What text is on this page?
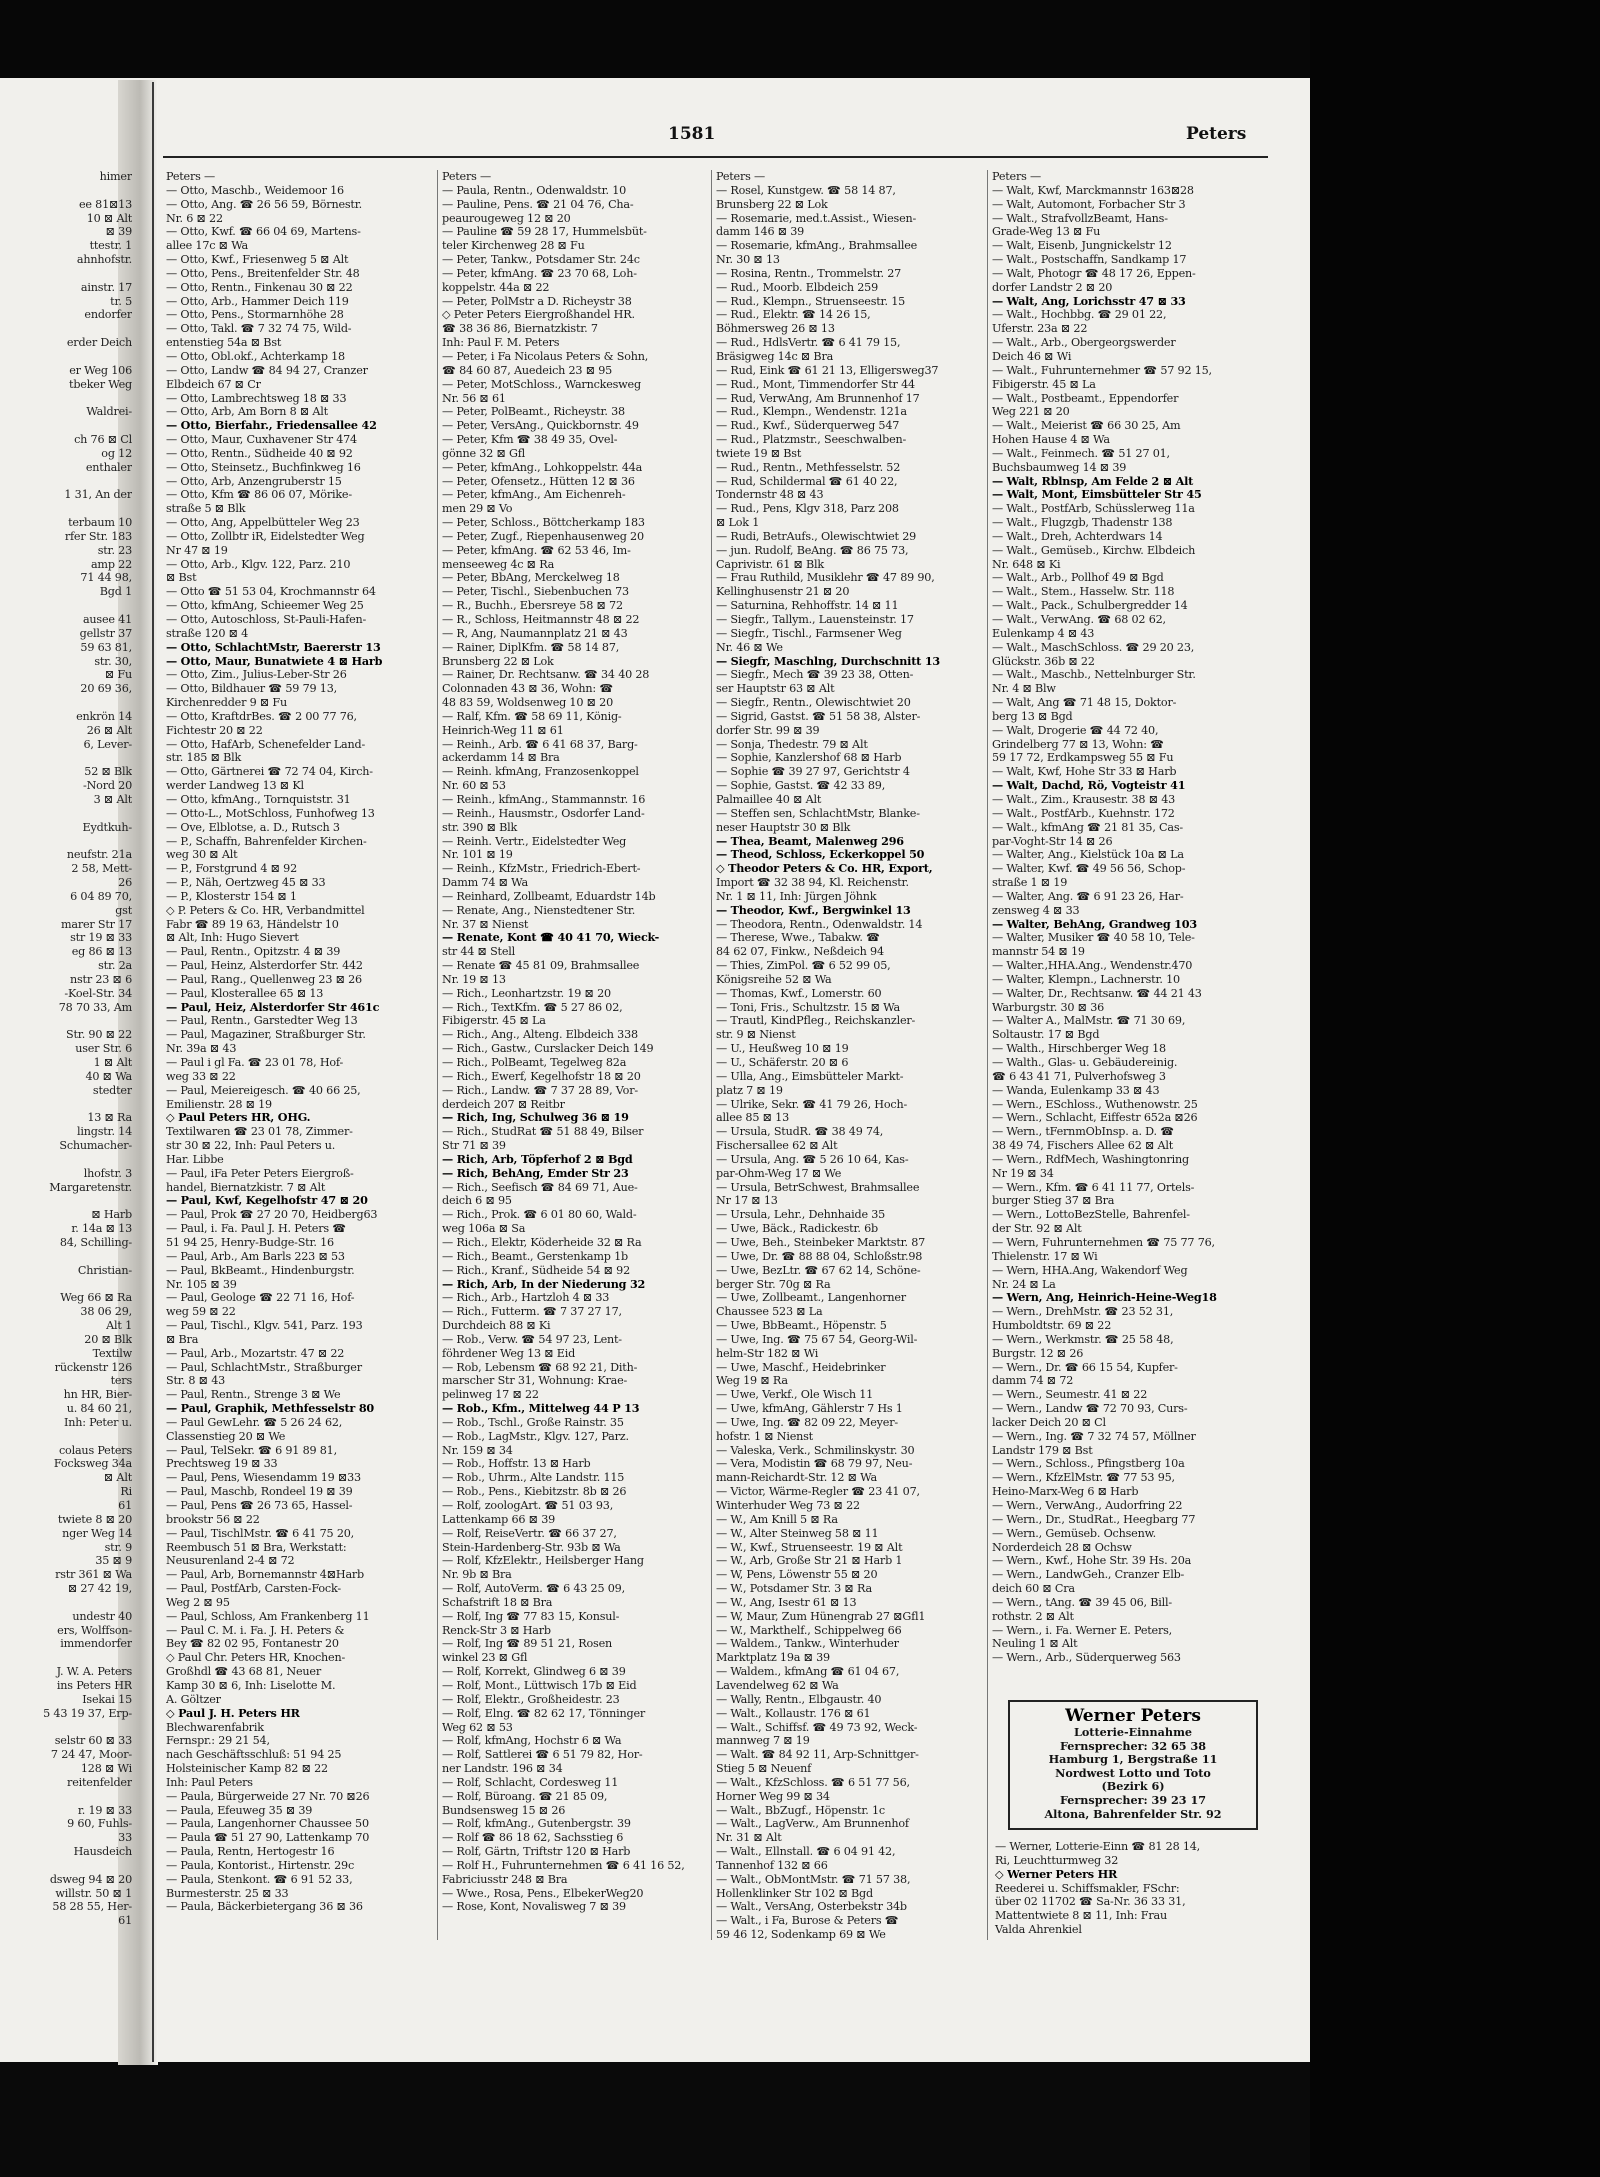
himer

ee 81⊠13
10 ⊠ Alt
⊠ 39
ttestr. 1
ahnhofstr.

ainstr. 17
tr. 5
endorfer

erder Deich

er Weg 106
tbeker Weg

Waldrei-

ch 76 ⊠ Cl
og 12
enthaler

1 31, An der

terbaum 10
rfer Str. 183
str. 23
amp 22
71 44 98,
Bgd 1

ausee 41
gellstr 37
59 63 81,
str. 30,
⊠ Fu
20 69 36,

enkrön 14
26 ⊠ Alt
6, Lever-

52 ⊠ Blk
-Nord 20
3 ⊠ Alt

Eydtkuh-

neufstr. 21a
2 58, Mett-
26
6 04 89 70,
gst
marer Str 17
str 19 ⊠ 33
eg 86 ⊠ 13
str. 2a
nstr 23 ⊠ 6
-Koel-Str. 34
78 70 33, Am

Str. 90 ⊠ 22
user Str. 6
1 ⊠ Alt
40 ⊠ Wa
stedter

13 ⊠ Ra
lingstr. 14
Schumacher-

lhofstr. 3
Margaretenstr.

⊠ Harb
r. 14a ⊠ 13
84, Schilling-

Christian-

Weg 66 ⊠ Ra
38 06 29,
Alt 1
20 ⊠ Blk
Textilw
rückenstr 126
ters
hn HR, Bier-
u. 84 60 21,
Inh: Peter u.

colaus Peters
Focksweg 34a
⊠ Alt
Ri
61
twiete 8 ⊠ 20
nger Weg 14
str. 9
35 ⊠ 9
rstr 361 ⊠ Wa
⊠ 27 42 19,

undestr 40
ers, Wolffson-
immendorfer

J. W. A. Peters
ins Peters HR
Isekai 15
5 43 19 37, Erp-

selstr 60 ⊠ 33
7 24 47, Moor-
128 ⊠ Wi
reitenfelder

r. 19 ⊠ 33
9 60, Fuhls-
33
Hausdeich

dsweg 94 ⊠ 20
willstr. 50 ⊠ 1
58 28 55, Her-
61
1581	Peters
Peters —
— Otto, Maschb., Weidemoor 16
— Otto, Ang. ☎ 26 56 59, Börnestr.
Nr. 6 ⊠ 22
— Otto, Kwf. ☎ 66 04 69, Martens-
allee 17c ⊠ Wa
— Otto, Kwf., Friesenweg 5 ⊠ Alt
— Otto, Pens., Breitenfelder Str. 48
— Otto, Rentn., Finkenau 30 ⊠ 22
— Otto, Arb., Hammer Deich 119
— Otto, Pens., Stormarnhöhe 28
— Otto, Takl. ☎ 7 32 74 75, Wild-
entenstieg 54a ⊠ Bst
— Otto, Obl.okf., Achterkamp 18
— Otto, Landw ☎ 84 94 27, Cranzer
Elbdeich 67 ⊠ Cr
— Otto, Lambrechtsweg 18 ⊠ 33
— Otto, Arb, Am Born 8 ⊠ Alt
— Otto, Bierfahr., Friedensallee 42
— Otto, Maur, Cuxhavener Str 474
— Otto, Rentn., Südheide 40 ⊠ 92
— Otto, Steinsetz., Buchfinkweg 16
— Otto, Arb, Anzengruberstr 15
— Otto, Kfm ☎ 86 06 07, Mörike-
straße 5 ⊠ Blk
— Otto, Ang, Appelbütteler Weg 23
— Otto, Zollbtr iR, Eidelstedter Weg
Nr 47 ⊠ 19
— Otto, Arb., Klgv. 122, Parz. 210
⊠ Bst
— Otto ☎ 51 53 04, Krochmannstr 64
— Otto, kfmAng, Schieemer Weg 25
— Otto, Autoschloss, St-Pauli-Hafen-
straße 120 ⊠ 4
— Otto, SchlachtMstr, Baererstr 13
— Otto, Maur, Bunatwiete 4 ⊠ Harb
— Otto, Zim., Julius-Leber-Str 26
— Otto, Bildhauer ☎ 59 79 13,
Kirchenredder 9 ⊠ Fu
— Otto, KraftdrBes. ☎ 2 00 77 76,
Fichtestr 20 ⊠ 22
— Otto, HafArb, Schenefelder Land-
str. 185 ⊠ Blk
— Otto, Gärtnerei ☎ 72 74 04, Kirch-
werder Landweg 13 ⊠ Kl
— Otto, kfmAng., Tornquiststr. 31
— Otto-L., MotSchloss, Funhofweg 13
— Ove, Elblotse, a. D., Rutsch 3
— P., Schaffn, Bahrenfelder Kirchen-
weg 30 ⊠ Alt
— P., Forstgrund 4 ⊠ 92
— P., Näh, Oertzweg 45 ⊠ 33
— P., Klosterstr 154 ⊠ 1
◇ P. Peters & Co. HR, Verbandmittel
Fabr ☎ 89 19 63, Händelstr 10
⊠ Alt, Inh: Hugo Sievert
— Paul, Rentn., Opitzstr. 4 ⊠ 39
— Paul, Heinz, Alsterdorfer Str. 442
— Paul, Rang., Quellenweg 23 ⊠ 26
— Paul, Klosterallee 65 ⊠ 13
— Paul, Heiz, Alsterdorfer Str 461c
— Paul, Rentn., Garstedter Weg 13
— Paul, Magaziner, Straßburger Str.
Nr. 39a ⊠ 43
— Paul i gl Fa. ☎ 23 01 78, Hof-
weg 33 ⊠ 22
— Paul, Meiereigesch. ☎ 40 66 25,
Emilienstr. 28 ⊠ 19
◇ Paul Peters HR, OHG.
Textilwaren ☎ 23 01 78, Zimmer-
str 30 ⊠ 22, Inh: Paul Peters u.
Har. Libbe
— Paul, iFa Peter Peters Eiergroß-
handel, Biernatzkistr. 7 ⊠ Alt
— Paul, Kwf, Kegelhofstr 47 ⊠ 20
— Paul, Prok ☎ 27 20 70, Heidberg63
— Paul, i. Fa. Paul J. H. Peters ☎
51 94 25, Henry-Budge-Str. 16
— Paul, Arb., Am Barls 223 ⊠ 53
— Paul, BkBeamt., Hindenburgstr.
Nr. 105 ⊠ 39
— Paul, Geologe ☎ 22 71 16, Hof-
weg 59 ⊠ 22
— Paul, Tischl., Klgv. 541, Parz. 193
⊠ Bra
— Paul, Arb., Mozartstr. 47 ⊠ 22
— Paul, SchlachtMstr., Straßburger
Str. 8 ⊠ 43
— Paul, Rentn., Strenge 3 ⊠ We
— Paul, Graphik, Methfesselstr 80
— Paul GewLehr. ☎ 5 26 24 62,
Classenstieg 20 ⊠ We
— Paul, TelSekr. ☎ 6 91 89 81,
Prechtsweg 19 ⊠ 33
— Paul, Pens, Wiesendamm 19 ⊠33
— Paul, Maschb, Rondeel 19 ⊠ 39
— Paul, Pens ☎ 26 73 65, Hassel-
brookstr 56 ⊠ 22
— Paul, TischlMstr. ☎ 6 41 75 20,
Reembusch 51 ⊠ Bra, Werkstatt:
Neusurenland 2-4 ⊠ 72
— Paul, Arb, Bornemannstr 4⊠Harb
— Paul, PostfArb, Carsten-Fock-
Weg 2 ⊠ 95
— Paul, Schloss, Am Frankenberg 11
— Paul C. M. i. Fa. J. H. Peters &
Bey ☎ 82 02 95, Fontanestr 20
◇ Paul Chr. Peters HR, Knochen-
Großhdl ☎ 43 68 81, Neuer
Kamp 30 ⊠ 6, Inh: Liselotte M.
A. Göltzer
◇ Paul J. H. Peters HR
Blechwarenfabrik
Fernspr.: 29 21 54,
nach Geschäftsschluß: 51 94 25
Holsteinischer Kamp 82 ⊠ 22
Inh: Paul Peters
— Paula, Bürgerweide 27 Nr. 70 ⊠26
— Paula, Efeuweg 35 ⊠ 39
— Paula, Langenhorner Chaussee 50
— Paula ☎ 51 27 90, Lattenkamp 70
— Paula, Rentn, Hertogestr 16
— Paula, Kontorist., Hirtenstr. 29c
— Paula, Stenkont. ☎ 6 91 52 33,
Burmesterstr. 25 ⊠ 33
— Paula, Bäckerbietergang 36 ⊠ 36
Peters —
— Paula, Rentn., Odenwaldstr. 10
— Pauline, Pens. ☎ 21 04 76, Cha-
peaurougeweg 12 ⊠ 20
— Pauline ☎ 59 28 17, Hummelsbüt-
teler Kirchenweg 28 ⊠ Fu
— Peter, Tankw., Potsdamer Str. 24c
— Peter, kfmAng. ☎ 23 70 68, Loh-
koppelstr. 44a ⊠ 22
— Peter, PolMstr a D. Richeystr 38
◇ Peter Peters Eiergroßhandel HR.
☎ 38 36 86, Biernatzkistr. 7
Inh: Paul F. M. Peters
— Peter, i Fa Nicolaus Peters & Sohn,
☎ 84 60 87, Auedeich 23 ⊠ 95
— Peter, MotSchloss., Warnckesweg
Nr. 56 ⊠ 61
— Peter, PolBeamt., Richeystr. 38
— Peter, VersAng., Quickbornstr. 49
— Peter, Kfm ☎ 38 49 35, Ovel-
gönne 32 ⊠ Gfl
— Peter, kfmAng., Lohkoppelstr. 44a
— Peter, Ofensetz., Hütten 12 ⊠ 36
— Peter, kfmAng., Am Eichenreh-
men 29 ⊠ Vo
— Peter, Schloss., Böttcherkamp 183
— Peter, Zugf., Riepenhausenweg 20
— Peter, kfmAng. ☎ 62 53 46, Im-
menseeweg 4c ⊠ Ra
— Peter, BbAng, Merckelweg 18
— Peter, Tischl., Siebenbuchen 73
— R., Buchh., Ebersreye 58 ⊠ 72
— R., Schloss, Heitmannstr 48 ⊠ 22
— R, Ang, Naumannplatz 21 ⊠ 43
— Rainer, DiplKfm. ☎ 58 14 87,
Brunsberg 22 ⊠ Lok
— Rainer, Dr. Rechtsanw. ☎ 34 40 28
Colonnaden 43 ⊠ 36, Wohn: ☎
48 83 59, Woldsenweg 10 ⊠ 20
— Ralf, Kfm. ☎ 58 69 11, König-
Heinrich-Weg 11 ⊠ 61
— Reinh., Arb. ☎ 6 41 68 37, Barg-
ackerdamm 14 ⊠ Bra
— Reinh. kfmAng, Franzosenkoppel
Nr. 60 ⊠ 53
— Reinh., kfmAng., Stammannstr. 16
— Reinh., Hausmstr., Osdorfer Land-
str. 390 ⊠ Blk
— Reinh. Vertr., Eidelstedter Weg
Nr. 101 ⊠ 19
— Reinh., KfzMstr., Friedrich-Ebert-
Damm 74 ⊠ Wa
— Reinhard, Zollbeamt, Eduardstr 14b
— Renate, Ang., Nienstedtener Str.
Nr. 37 ⊠ Nienst
— Renate, Kont ☎ 40 41 70, Wieck-
str 44 ⊠ Stell
— Renate ☎ 45 81 09, Brahmsallee
Nr. 19 ⊠ 13
— Rich., Leonhartzstr. 19 ⊠ 20
— Rich., TextKfm. ☎ 5 27 86 02,
Fibigerstr. 45 ⊠ La
— Rich., Ang., Alteng. Elbdeich 338
— Rich., Gastw., Curslacker Deich 149
— Rich., PolBeamt, Tegelweg 82a
— Rich., Ewerf, Kegelhofstr 18 ⊠ 20
— Rich., Landw. ☎ 7 37 28 89, Vor-
derdeich 207 ⊠ Reitbr
— Rich, Ing, Schulweg 36 ⊠ 19
— Rich., StudRat ☎ 51 88 49, Bilser
Str 71 ⊠ 39
— Rich, Arb, Töpferhof 2 ⊠ Bgd
— Rich, BehAng, Emder Str 23
— Rich., Seefisch ☎ 84 69 71, Aue-
deich 6 ⊠ 95
— Rich., Prok. ☎ 6 01 80 60, Wald-
weg 106a ⊠ Sa
— Rich., Elektr, Köderheide 32 ⊠ Ra
— Rich., Beamt., Gerstenkamp 1b
— Rich., Kranf., Südheide 54 ⊠ 92
— Rich, Arb, In der Niederung 32
— Rich., Arb., Hartzloh 4 ⊠ 33
— Rich., Futterm. ☎ 7 37 27 17,
Durchdeich 88 ⊠ Ki
— Rob., Verw. ☎ 54 97 23, Lent-
föhrdener Weg 13 ⊠ Eid
— Rob, Lebensm ☎ 68 92 21, Dith-
marscher Str 31, Wohnung: Krae-
pelinweg 17 ⊠ 22
— Rob., Kfm., Mittelweg 44 P 13
— Rob., Tschl., Große Rainstr. 35
— Rob., LagMstr., Klgv. 127, Parz.
Nr. 159 ⊠ 34
— Rob., Hoffstr. 13 ⊠ Harb
— Rob., Uhrm., Alte Landstr. 115
— Rob., Pens., Kiebitzstr. 8b ⊠ 26
— Rolf, zoologArt. ☎ 51 03 93,
Lattenkamp 66 ⊠ 39
— Rolf, ReiseVertr. ☎ 66 37 27,
Stein-Hardenberg-Str. 93b ⊠ Wa
— Rolf, KfzElektr., Heilsberger Hang
Nr. 9b ⊠ Bra
— Rolf, AutoVerm. ☎ 6 43 25 09,
Schafstrift 18 ⊠ Bra
— Rolf, Ing ☎ 77 83 15, Konsul-
Renck-Str 3 ⊠ Harb
— Rolf, Ing ☎ 89 51 21, Rosen
winkel 23 ⊠ Gfl
— Rolf, Korrekt, Glindweg 6 ⊠ 39
— Rolf, Mont., Lüttwisch 17b ⊠ Eid
— Rolf, Elektr., Großheidestr. 23
— Rolf, Elng. ☎ 82 62 17, Tönninger
Weg 62 ⊠ 53
— Rolf, kfmAng, Hochstr 6 ⊠ Wa
— Rolf, Sattlerei ☎ 6 51 79 82, Hor-
ner Landstr. 196 ⊠ 34
— Rolf, Schlacht, Cordesweg 11
— Rolf, Büroang. ☎ 21 85 09,
Bundsensweg 15 ⊠ 26
— Rolf, kfmAng., Gutenbergstr. 39
— Rolf ☎ 86 18 62, Sachsstieg 6
— Rolf, Gärtn, Triftstr 120 ⊠ Harb
— Rolf H., Fuhrunternehmen ☎ 6 41 16 52,
Fabriciusstr 248 ⊠ Bra
— Wwe., Rosa, Pens., ElbekerWeg20
— Rose, Kont, Novalisweg 7 ⊠ 39
Peters —
— Rosel, Kunstgew. ☎ 58 14 87,
Brunsberg 22 ⊠ Lok
— Rosemarie, med.t.Assist., Wiesen-
damm 146 ⊠ 39
— Rosemarie, kfmAng., Brahmsallee
Nr. 30 ⊠ 13
— Rosina, Rentn., Trommelstr. 27
— Rud., Moorb. Elbdeich 259
— Rud., Klempn., Struenseestr. 15
— Rud., Elektr. ☎ 14 26 15,
Böhmersweg 26 ⊠ 13
— Rud., HdlsVertr. ☎ 6 41 79 15,
Bräsigweg 14c ⊠ Bra
— Rud, Eink ☎ 61 21 13, Elligersweg37
— Rud., Mont, Timmendorfer Str 44
— Rud, VerwAng, Am Brunnenhof 17
— Rud., Klempn., Wendenstr. 121a
— Rud., Kwf., Süderquerweg 547
— Rud., Platzmstr., Seeschwalben-
twiete 19 ⊠ Bst
— Rud., Rentn., Methfesselstr. 52
— Rud, Schildermal ☎ 61 40 22,
Tondernstr 48 ⊠ 43
— Rud., Pens, Klgv 318, Parz 208
⊠ Lok 1
— Rudi, BetrAufs., Olewischtwiet 29
— jun. Rudolf, BeAng. ☎ 86 75 73,
Caprivistr. 61 ⊠ Blk
— Frau Ruthild, Musiklehr ☎ 47 89 90,
Kellinghusenstr 21 ⊠ 20
— Saturnina, Rehhoffstr. 14 ⊠ 11
— Siegfr., Tallym., Lauensteinstr. 17
— Siegfr., Tischl., Farmsener Weg
Nr. 46 ⊠ We
— Siegfr, Maschlng, Durchschnitt 13
— Siegfr., Mech ☎ 39 23 38, Otten-
ser Hauptstr 63 ⊠ Alt
— Siegfr., Rentn., Olewischtwiet 20
— Sigrid, Gastst. ☎ 51 58 38, Alster-
dorfer Str. 99 ⊠ 39
— Sonja, Thedestr. 79 ⊠ Alt
— Sophie, Kanzlershof 68 ⊠ Harb
— Sophie ☎ 39 27 97, Gerichtstr 4
— Sophie, Gastst. ☎ 42 33 89,
Palmaillee 40 ⊠ Alt
— Steffen sen, SchlachtMstr, Blanke-
neser Hauptstr 30 ⊠ Blk
— Thea, Beamt, Malenweg 296
— Theod, Schloss, Eckerkoppel 50
◇ Theodor Peters & Co. HR, Export,
Import ☎ 32 38 94, Kl. Reichenstr.
Nr. 1 ⊠ 11, Inh: Jürgen Jöhnk
— Theodor, Kwf., Bergwinkel 13
— Theodora, Rentn., Odenwaldstr. 14
— Therese, Wwe., Tabakw. ☎
84 62 07, Finkw., Neßdeich 94
— Thies, ZimPol. ☎ 6 52 99 05,
Königsreihe 52 ⊠ Wa
— Thomas, Kwf., Lomerstr. 60
— Toni, Fris., Schultzstr. 15 ⊠ Wa
— Trautl, KindPfleg., Reichskanzler-
str. 9 ⊠ Nienst
— U., Heußweg 10 ⊠ 19
— U., Schäferstr. 20 ⊠ 6
— Ulla, Ang., Eimsbütteler Markt-
platz 7 ⊠ 19
— Ulrike, Sekr. ☎ 41 79 26, Hoch-
allee 85 ⊠ 13
— Ursula, StudR. ☎ 38 49 74,
Fischersallee 62 ⊠ Alt
— Ursula, Ang. ☎ 5 26 10 64, Kas-
par-Ohm-Weg 17 ⊠ We
— Ursula, BetrSchwest, Brahmsallee
Nr 17 ⊠ 13
— Ursula, Lehr., Dehnhaide 35
— Uwe, Bäck., Radickestr. 6b
— Uwe, Beh., Steinbeker Marktstr. 87
— Uwe, Dr. ☎ 88 88 04, Schloßstr.98
— Uwe, BezLtr. ☎ 67 62 14, Schöne-
berger Str. 70g ⊠ Ra
— Uwe, Zollbeamt., Langenhorner
Chaussee 523 ⊠ La
— Uwe, BbBeamt., Höpenstr. 5
— Uwe, Ing. ☎ 75 67 54, Georg-Wil-
helm-Str 182 ⊠ Wi
— Uwe, Maschf., Heidebrinker
Weg 19 ⊠ Ra
— Uwe, Verkf., Ole Wisch 11
— Uwe, kfmAng, Gählerstr 7 Hs 1
— Uwe, Ing. ☎ 82 09 22, Meyer-
hofstr. 1 ⊠ Nienst
— Valeska, Verk., Schmilinskystr. 30
— Vera, Modistin ☎ 68 79 97, Neu-
mann-Reichardt-Str. 12 ⊠ Wa
— Victor, Wärme-Regler ☎ 23 41 07,
Winterhuder Weg 73 ⊠ 22
— W., Am Knill 5 ⊠ Ra
— W., Alter Steinweg 58 ⊠ 11
— W., Kwf., Struenseestr. 19 ⊠ Alt
— W., Arb, Große Str 21 ⊠ Harb 1
— W, Pens, Löwenstr 55 ⊠ 20
— W., Potsdamer Str. 3 ⊠ Ra
— W., Ang, Isestr 61 ⊠ 13
— W, Maur, Zum Hünengrab 27 ⊠Gfl1
— W., Markthelf., Schippelweg 66
— Waldem., Tankw., Winterhuder
Marktplatz 19a ⊠ 39
— Waldem., kfmAng ☎ 61 04 67,
Lavendelweg 62 ⊠ Wa
— Wally, Rentn., Elbgaustr. 40
— Walt., Kollaustr. 176 ⊠ 61
— Walt., Schiffsf. ☎ 49 73 92, Weck-
mannweg 7 ⊠ 19
— Walt. ☎ 84 92 11, Arp-Schnittger-
Stieg 5 ⊠ Neuenf
— Walt., KfzSchloss. ☎ 6 51 77 56,
Horner Weg 99 ⊠ 34
— Walt., BbZugf., Höpenstr. 1c
— Walt., LagVerw., Am Brunnenhof
Nr. 31 ⊠ Alt
— Walt., Ellnstall. ☎ 6 04 91 42,
Tannenhof 132 ⊠ 66
— Walt., ObMontMstr. ☎ 71 57 38,
Hollenklinker Str 102 ⊠ Bgd
— Walt., VersAng, Osterbekstr 34b
— Walt., i Fa, Burose & Peters ☎
59 46 12, Sodenkamp 69 ⊠ We
Peters —
— Walt, Kwf, Marckmannstr 163⊠28
— Walt, Automont, Forbacher Str 3
— Walt., StrafvollzBeamt, Hans-
Grade-Weg 13 ⊠ Fu
— Walt, Eisenb, Jungnickelstr 12
— Walt., Postschaffn, Sandkamp 17
— Walt, Photogr ☎ 48 17 26, Eppen-
dorfer Landstr 2 ⊠ 20
— Walt, Ang, Lorichsstr 47 ⊠ 33
— Walt., Hochbbg. ☎ 29 01 22,
Uferstr. 23a ⊠ 22
— Walt., Arb., Obergeorgswerder
Deich 46 ⊠ Wi
— Walt., Fuhrunternehmer ☎ 57 92 15,
Fibigerstr. 45 ⊠ La
— Walt., Postbeamt., Eppendorfer
Weg 221 ⊠ 20
— Walt., Meierist ☎ 66 30 25, Am
Hohen Hause 4 ⊠ Wa
— Walt., Feinmech. ☎ 51 27 01,
Buchsbaumweg 14 ⊠ 39
— Walt, Rblnsp, Am Felde 2 ⊠ Alt
— Walt, Mont, Eimsbütteler Str 45
— Walt., PostfArb, Schüsslerweg 11a
— Walt., Flugzgb, Thadenstr 138
— Walt., Dreh, Achterdwars 14
— Walt., Gemüseb., Kirchw. Elbdeich
Nr. 648 ⊠ Ki
— Walt., Arb., Pollhof 49 ⊠ Bgd
— Walt., Stem., Hasselw. Str. 118
— Walt., Pack., Schulbergredder 14
— Walt., VerwAng. ☎ 68 02 62,
Eulenkamp 4 ⊠ 43
— Walt., MaschSchloss. ☎ 29 20 23,
Glückstr. 36b ⊠ 22
— Walt., Maschb., Nettelnburger Str.
Nr. 4 ⊠ Blw
— Walt, Ang ☎ 71 48 15, Doktor-
berg 13 ⊠ Bgd
— Walt, Drogerie ☎ 44 72 40,
Grindelberg 77 ⊠ 13, Wohn: ☎
59 17 72, Erdkampsweg 55 ⊠ Fu
— Walt, Kwf, Hohe Str 33 ⊠ Harb
— Walt, Dachd, Rö, Vogteistr 41
— Walt., Zim., Krausestr. 38 ⊠ 43
— Walt., PostfArb., Kuehnstr. 172
— Walt., kfmAng ☎ 21 81 35, Cas-
par-Voght-Str 14 ⊠ 26
— Walter, Ang., Kielstück 10a ⊠ La
— Walter, Kwf. ☎ 49 56 56, Schop-
straße 1 ⊠ 19
— Walter, Ang. ☎ 6 91 23 26, Har-
zensweg 4 ⊠ 33
— Walter, BehAng, Grandweg 103
— Walter, Musiker ☎ 40 58 10, Tele-
mannstr 54 ⊠ 19
— Walter.,HHA.Ang., Wendenstr.470
— Walter, Klempn., Lachnerstr. 10
— Walter, Dr., Rechtsanw. ☎ 44 21 43
Warburgstr. 30 ⊠ 36
— Walter A., MalMstr. ☎ 71 30 69,
Soltaustr. 17 ⊠ Bgd
— Walth., Hirschberger Weg 18
— Walth., Glas- u. Gebäudereinig.
☎ 6 43 41 71, Pulverhofsweg 3
— Wanda, Eulenkamp 33 ⊠ 43
— Wern., ESchloss., Wuthenowstr. 25
— Wern., Schlacht, Eiffestr 652a ⊠26
— Wern., tFernmObInsp. a. D. ☎
38 49 74, Fischers Allee 62 ⊠ Alt
— Wern., RdfMech, Washingtonring
Nr 19 ⊠ 34
— Wern., Kfm. ☎ 6 41 11 77, Ortels-
burger Stieg 37 ⊠ Bra
— Wern., LottoBezStelle, Bahrenfel-
der Str. 92 ⊠ Alt
— Wern, Fuhrunternehmen ☎ 75 77 76,
Thielenstr. 17 ⊠ Wi
— Wern, HHA.Ang, Wakendorf Weg
Nr. 24 ⊠ La
— Wern, Ang, Heinrich-Heine-Weg18
— Wern., DrehMstr. ☎ 23 52 31,
Humboldtstr. 69 ⊠ 22
— Wern., Werkmstr. ☎ 25 58 48,
Burgstr. 12 ⊠ 26
— Wern., Dr. ☎ 66 15 54, Kupfer-
damm 74 ⊠ 72
— Wern., Seumestr. 41 ⊠ 22
— Wern., Landw ☎ 72 70 93, Curs-
lacker Deich 20 ⊠ Cl
— Wern., Ing. ☎ 7 32 74 57, Möllner
Landstr 179 ⊠ Bst
— Wern., Schloss., Pfingstberg 10a
— Wern., KfzElMstr. ☎ 77 53 95,
Heino-Marx-Weg 6 ⊠ Harb
— Wern., VerwAng., Audorfring 22
— Wern., Dr., StudRat., Heegbarg 77
— Wern., Gemüseb. Ochsenw.
Norderdeich 28 ⊠ Ochsw
— Wern., Kwf., Hohe Str. 39 Hs. 20a
— Wern., LandwGeh., Cranzer Elb-
deich 60 ⊠ Cra
— Wern., tAng. ☎ 39 45 06, Bill-
rothstr. 2 ⊠ Alt
— Wern., i. Fa. Werner E. Peters,
Neuling 1 ⊠ Alt
— Wern., Arb., Süderquerweg 563
Werner Peters
Lotterie-Einnahme
Fernsprecher: 32 65 38
Hamburg 1, Bergstraße 11
Nordwest Lotto und Toto
(Bezirk 6)
Fernsprecher: 39 23 17
Altona, Bahrenfelder Str. 92
— Werner, Lotterie-Einn ☎ 81 28 14,
Ri, Leuchtturmweg 32
◇ Werner Peters HR
Reederei u. Schiffsmakler, FSchr:
über 02 11702 ☎ Sa-Nr. 36 33 31,
Mattentwiete 8 ⊠ 11, Inh: Frau
Valda Ahrenkiel
